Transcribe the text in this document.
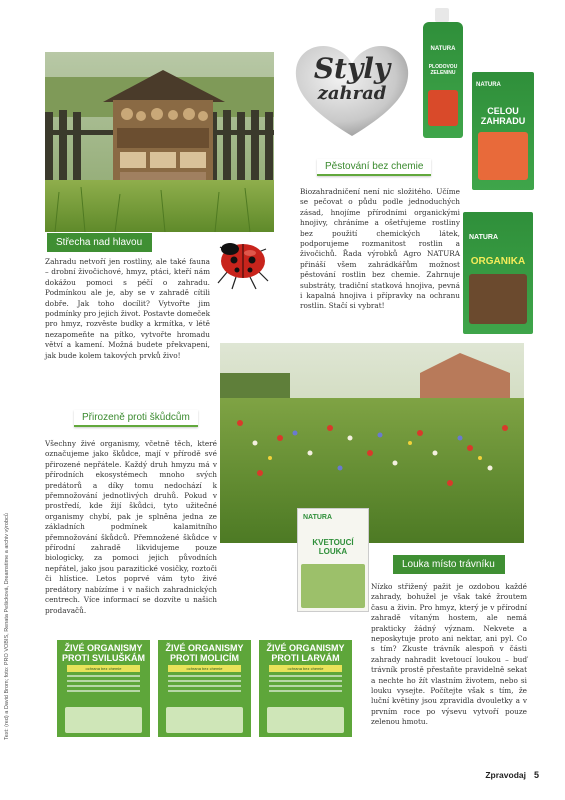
Text: (red) a David Brom; foto: PRO VOBIS, Renata Pešicková, Dreamstime a archiv výrobců
Střecha nad hlavou

Zahradu netvoří jen rostliny, ale také fauna – drobní živočichové, hmyz, ptáci, kteří nám dokážou pomoci s péčí o zahradu. Podmínkou ale je, aby se v zahradě cítili dobře. Jak toho docílit? Vytvořte jim podmínky pro jejich život. Postavte domeček pro hmyz, rozvěste budky a krmítka, v létě nezapomeňte na pítko, vytvořte hromadu větví a kamení. Možná budete překvapeni, jak bude kolem takových prvků živo!

Styly
zahrad
NATURA
PLODOVOU ZELENINU
NATURA
CELOU ZAHRADU
Pěstování bez chemie

Biozahradničení není nic složitého. Učíme se pečovat o půdu podle jednoduchých zásad, hnojíme přírodními organickými hnojivy, chráníme a ošetřujeme rostliny bez použití chemických látek, podporujeme rozmanitost rostlin a živočichů. Řada výrobků Agro NATURA přináší všem zahrádkářům možnost pěstování rostlin bez chemie. Zahrnuje substráty, tradiční statková hnojiva, pevná i kapalná hnojiva i přípravky na ochranu rostlin. Stačí si vybrat!

NATURA
ORGANIKA
NATURA
KVETOUCÍ LOUKA
Přirozeně proti škůdcům

Všechny živé organismy, včetně těch, které označujeme jako škůdce, mají v přírodě své přirozené nepřátele. Každý druh hmyzu má v přírodních ekosystémech mnoho svých predátorů a díky tomu nedochází k přemnožování jednotlivých druhů. Pokud v prostředí, kde žijí škůdci, tyto užitečné organismy chybí, pak je splněna jedna ze základních podmínek kalamitního přemnožování škůdců. Přemnožené škůdce v přírodní zahradě likvidujeme pouze biologicky, za pomoci jejich původních nepřátel, jako jsou parazitické vosičky, roztoči či hlístice. Letos poprvé vám tyto živé predátory nabízíme i v našich zahradnických centrech. Více informací se dozvíte u našich prodavačů.

Louka místo trávníku

Nízko střižený pažit je ozdobou každé zahrady, bohužel je však také žroutem času a živin. Pro hmyz, který je v přírodní zahradě vítaným hostem, ale nemá prakticky žádný význam. Nekvete a neposkytuje proto ani nektar, ani pyl. Co s tím? Zkuste trávník alespoň v části zahrady nahradit kvetoucí loukou – buď trávník prostě přestaňte pravidelně sekat a nechte ho žít vlastním životem, nebo si louku vysejte. Počítejte však s tím, že luční květiny jsou zpravidla dvouletky a v prvním roce po výsevu vytvoří pouze zelenou hmotu.

ŽIVÉ ORGANISMY PROTI SVILUŠKÁM
ochrana bez chemie
ŽIVÉ ORGANISMY PROTI MOLICÍM
ochrana bez chemie
ŽIVÉ ORGANISMY PROTI LARVÁM
ochrana bez chemie
Zpravodaj 5
